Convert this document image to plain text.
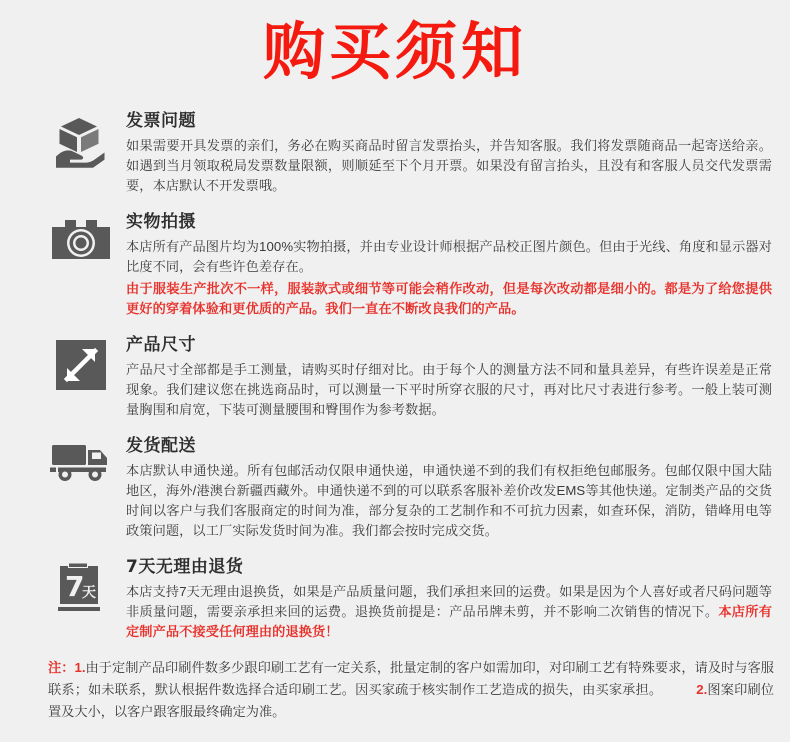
购买须知
发票问题

如果需要开具发票的亲们，务必在购买商品时留言发票抬头，并告知客服。我们将发票随商品一起寄送给亲。如遇到当月领取税局发票数量限额，则顺延至下个月开票。如果没有留言抬头，且没有和客服人员交代发票需要，本店默认不开发票哦。

实物拍摄

本店所有产品图片均为100%实物拍摄，并由专业设计师根据产品校正图片颜色。但由于光线、角度和显示器对比度不同，会有些许色差存在。

由于服装生产批次不一样，服装款式或细节等可能会稍作改动，但是每次改动都是细小的。都是为了给您提供更好的穿着体验和更优质的产品。我们一直在不断改良我们的产品。

产品尺寸

产品尺寸全部都是手工测量，请购买时仔细对比。由于每个人的测量方法不同和量具差异，有些许误差是正常现象。我们建议您在挑选商品时，可以测量一下平时所穿衣服的尺寸，再对比尺寸表进行参考。一般上装可测量胸围和肩宽，下装可测量腰围和臀围作为参考数据。

发货配送

本店默认申通快递。所有包邮活动仅限申通快递，申通快递不到的我们有权拒绝包邮服务。包邮仅限中国大陆地区，海外/港澳台新疆西藏外。申通快递不到的可以联系客服补差价改发EMS等其他快递。定制类产品的交货时间以客户与我们客服商定的时间为准，部分复杂的工艺制作和不可抗力因素，如查环保，消防，错峰用电等政策问题，以工厂实际发货时间为准。我们都会按时完成交货。

7
天
7天无理由退货

本店支持7天无理由退换货，如果是产品质量问题，我们承担来回的运费。如果是因为个人喜好或者尺码问题等非质量问题，需要亲承担来回的运费。退换货前提是：产品吊牌未剪，并不影响二次销售的情况下。本店所有定制产品不接受任何理由的退换货！

注：1.由于定制产品印刷件数多少跟印刷工艺有一定关系，批量定制的客户如需加印，对印刷工艺有特殊要求，请及时与客服联系；如未联系，默认根据件数选择合适印刷工艺。因买家疏于核实制作工艺造成的损失，由买家承担。	2.图案印刷位置及大小，以客户跟客服最终确定为准。
